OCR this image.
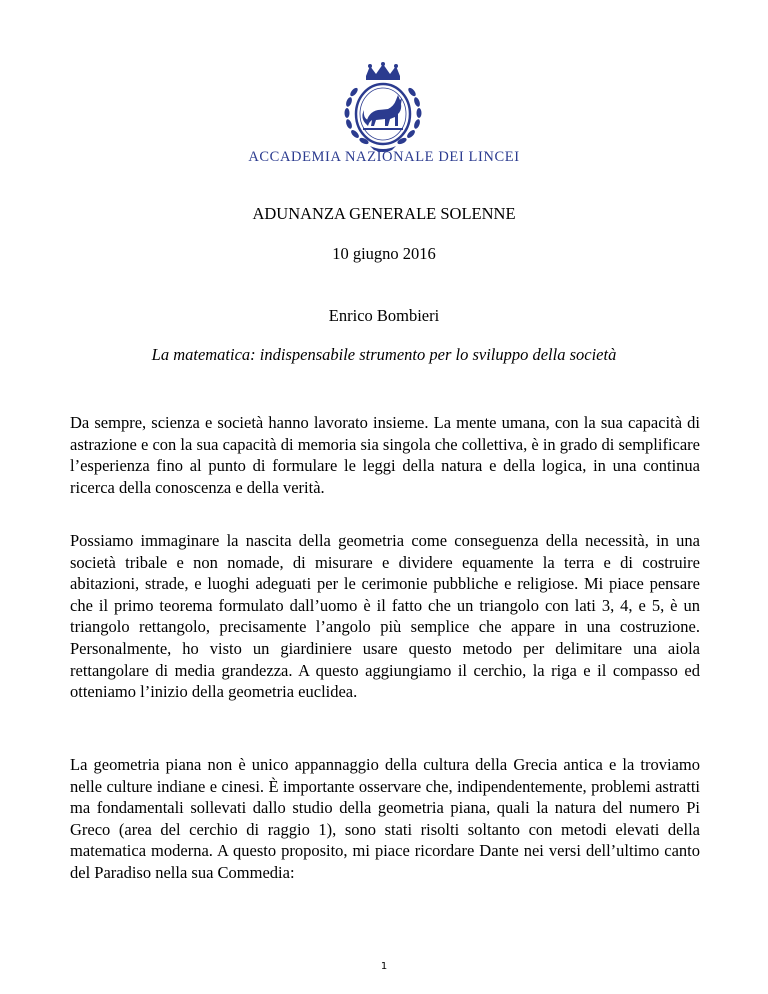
ACCADEMIA NAZIONALE DEI LINCEI
ADUNANZA GENERALE SOLENNE
10 giugno 2016
Enrico Bombieri
La matematica: indispensabile strumento per lo sviluppo della società

Da sempre, scienza e società hanno lavorato insieme. La mente umana, con la sua capacità di astrazione e con la sua capacità di memoria sia singola che collettiva, è in grado di semplificare l’esperienza fino al punto di formulare le leggi della natura e della logica, in una continua ricerca della conoscenza e della verità.

Possiamo immaginare la nascita della geometria come conseguenza della necessità, in una società tribale e non nomade, di misurare e dividere equamente la terra e di costruire abitazioni, strade, e luoghi adeguati per le cerimonie pubbliche e religiose. Mi piace pensare che il primo teorema formulato dall’uomo è il fatto che un triangolo con lati 3, 4, e 5, è un triangolo rettangolo, precisamente l’angolo più semplice che appare in una costruzione. Personalmente, ho visto un giardiniere usare questo metodo per delimitare una aiola rettangolare di media grandezza. A questo aggiungiamo il cerchio, la riga e il compasso ed otteniamo l’inizio della geometria euclidea.

La geometria piana non è unico appannaggio della cultura della Grecia antica e la troviamo nelle culture indiane e cinesi. È importante osservare che, indipendentemente, problemi astratti ma fondamentali sollevati dallo studio della geometria piana, quali la natura del numero Pi Greco (area del cerchio di raggio 1), sono stati risolti soltanto con metodi elevati della matematica moderna. A questo proposito, mi piace ricordare Dante nei versi dell’ultimo canto del Paradiso nella sua Commedia:

1
